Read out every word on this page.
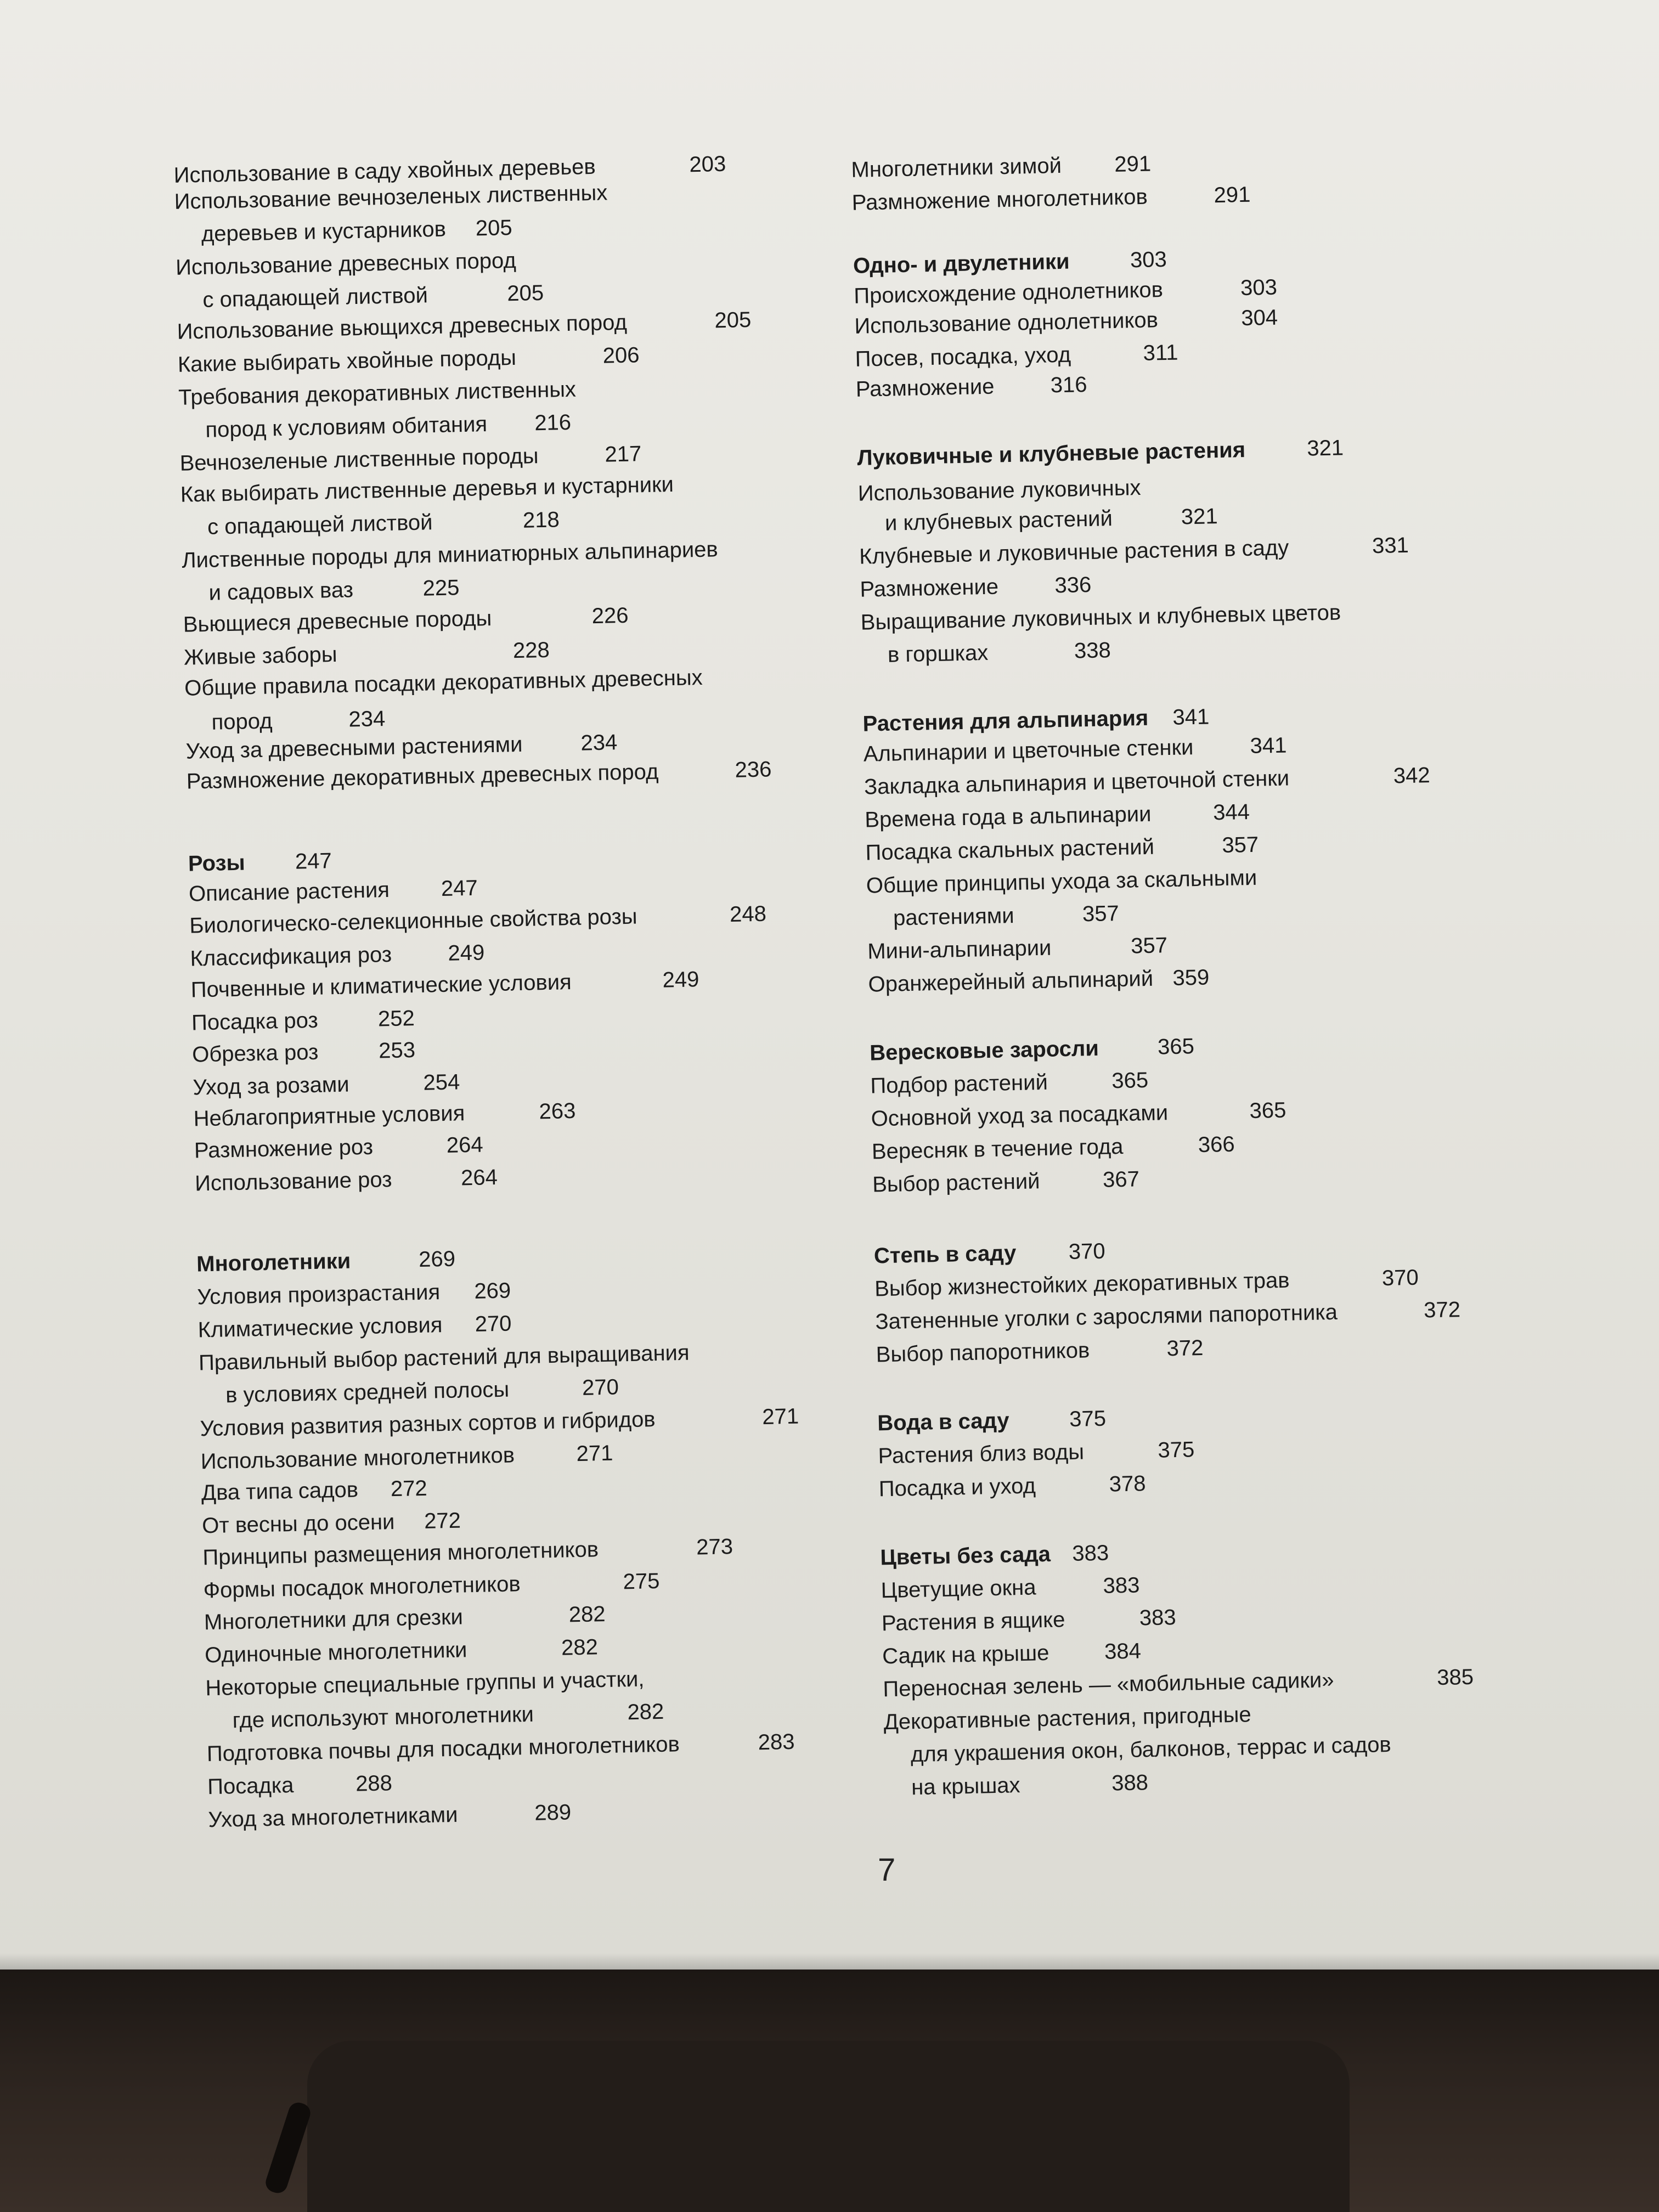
Использование в саду хвойных деревьев	203
Использование вечнозеленых лиственных
деревьев и кустарников 205
Использование древесных пород
с опадающей листвой	205
Использование вьющихся древесных пород	205
Какие выбирать хвойные породы	206
Требования декоративных лиственных
пород к условиям обитания 216
Вечнозеленые лиственные породы	217
Как выбирать лиственные деревья и кустарники
с опадающей листвой	218
Лиственные породы для миниатюрных альпинариев
и садовых ваз	225
Вьющиеся древесные породы	226
Живые заборы	228
Общие правила посадки декоративных древесных
пород	234
Уход за древесными растениями	234
Размножение декоративных древесных пород	236
Розы 247
Описание растения 247
Биологическо-селекционные свойства розы	248
Классификация роз	249
Почвенные и климатические условия	249
Посадка роз	252
Обрезка роз	253
Уход за розами	254
Неблагоприятные условия	263
Размножение роз	264
Использование роз	264
Многолетники	269
Условия произрастания 269
Климатические условия 270
Правильный выбор растений для выращивания
в условиях средней полосы	270
Условия развития разных сортов и гибридов	271
Использование многолетников	271
Два типа садов 272
От весны до осени 272
Принципы размещения многолетников	273
Формы посадок многолетников	275
Многолетники для срезки	282
Одиночные многолетники	282
Некоторые специальные группы и участки,
где используют многолетники	282
Подготовка почвы для посадки многолетников	283
Посадка	288
Уход за многолетниками	289
Многолетники зимой 291
Размножение многолетников	291
Одно- и двулетники	303
Происхождение однолетников	303
Использование однолетников	304
Посев, посадка, уход	311
Размножение	316
Луковичные и клубневые растения	321
Использование луковичных
и клубневых растений	321
Клубневые и луковичные растения в саду	331
Размножение	336
Выращивание луковичных и клубневых цветов
в горшках	338
Растения для альпинария 341
Альпинарии и цветочные стенки	341
Закладка альпинария и цветочной стенки	342
Времена года в альпинарии	344
Посадка скальных растений	357
Общие принципы ухода за скальными
растениями	357
Мини-альпинарии	357
Оранжерейный альпинарий 359
Вересковые заросли	365
Подбор растений	365
Основной уход за посадками	365
Вересняк в течение года	366
Выбор растений	367
Степь в саду 370
Выбор жизнестойких декоративных трав	370
Затененные уголки с зарослями папоротника	372
Выбор папоротников	372
Вода в саду	375
Растения близ воды	375
Посадка и уход	378
Цветы без сада 383
Цветущие окна	383
Растения в ящике	383
Садик на крыше 384
Переносная зелень — «мобильные садики»	385
Декоративные растения, пригодные
для украшения окон, балконов, террас и садов
на крышах	388
7
